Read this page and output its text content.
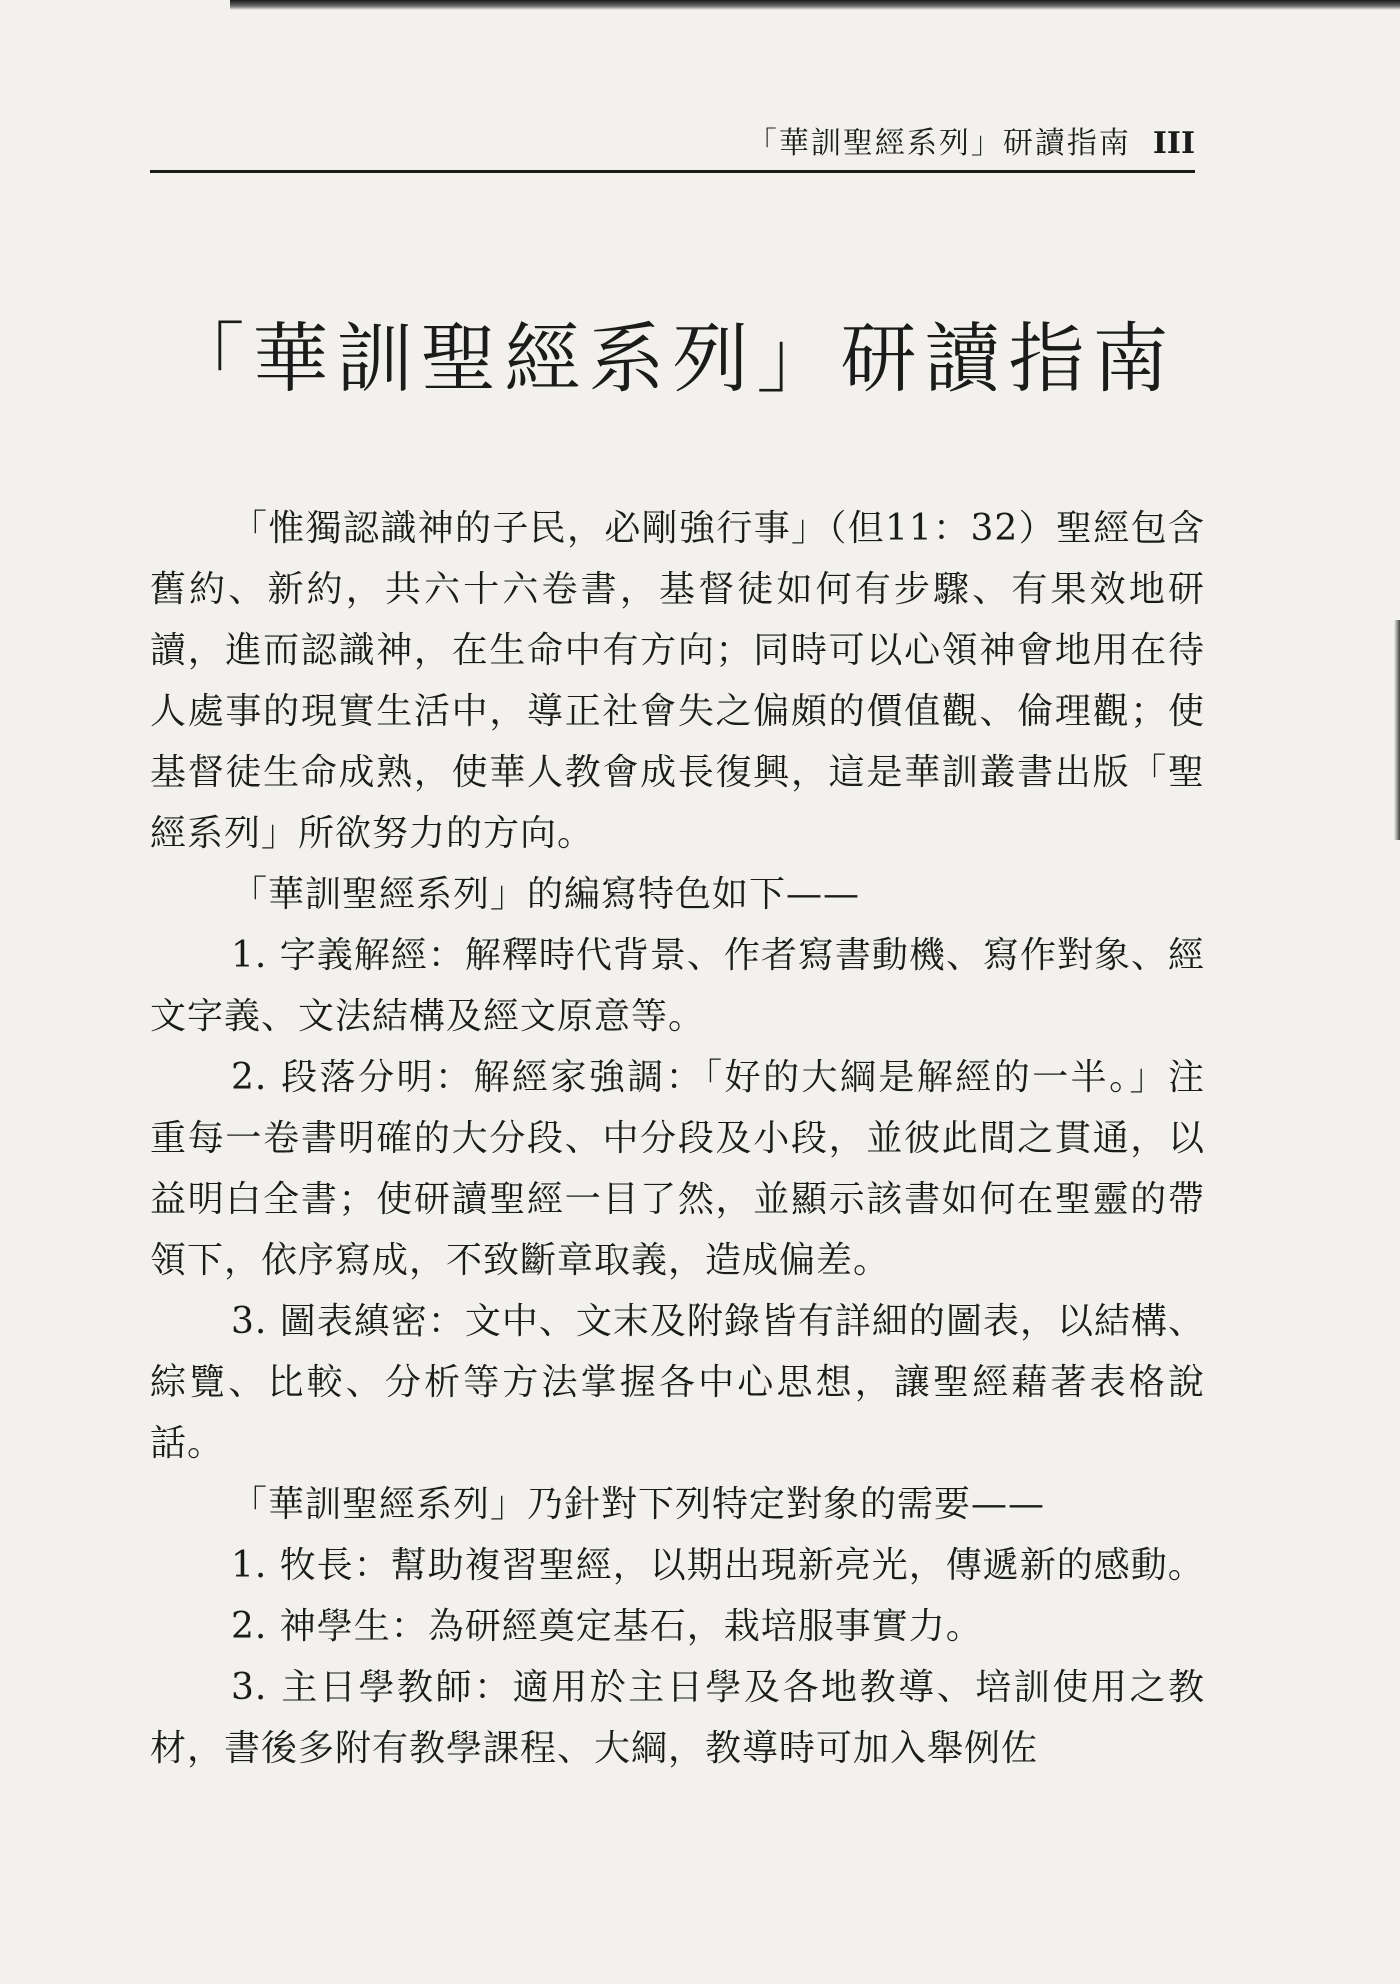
「華訓聖經系列」研讀指南 III
「華訓聖經系列」研讀指南

「惟獨認識神的子民，必剛強行事」（但11：32）聖經包含舊約、新約，共六十六卷書，基督徒如何有步驟、有果效地研讀，進而認識神，在生命中有方向；同時可以心領神會地用在待人處事的現實生活中，導正社會失之偏頗的價值觀、倫理觀；使基督徒生命成熟，使華人教會成長復興，這是華訓叢書出版「聖經系列」所欲努力的方向。

「華訓聖經系列」的編寫特色如下——

1. 字義解經：解釋時代背景、作者寫書動機、寫作對象、經文字義、文法結構及經文原意等。

2. 段落分明：解經家強調：「好的大綱是解經的一半。」注重每一卷書明確的大分段、中分段及小段，並彼此間之貫通，以益明白全書；使研讀聖經一目了然，並顯示該書如何在聖靈的帶領下，依序寫成，不致斷章取義，造成偏差。

3. 圖表縝密：文中、文末及附錄皆有詳細的圖表，以結構、綜覽、比較、分析等方法掌握各中心思想，讓聖經藉著表格說話。

「華訓聖經系列」乃針對下列特定對象的需要——

1. 牧長：幫助複習聖經，以期出現新亮光，傳遞新的感動。

2. 神學生：為研經奠定基石，栽培服事實力。

3. 主日學教師：適用於主日學及各地教導、培訓使用之教材，書後多附有教學課程、大綱，教導時可加入舉例佐
